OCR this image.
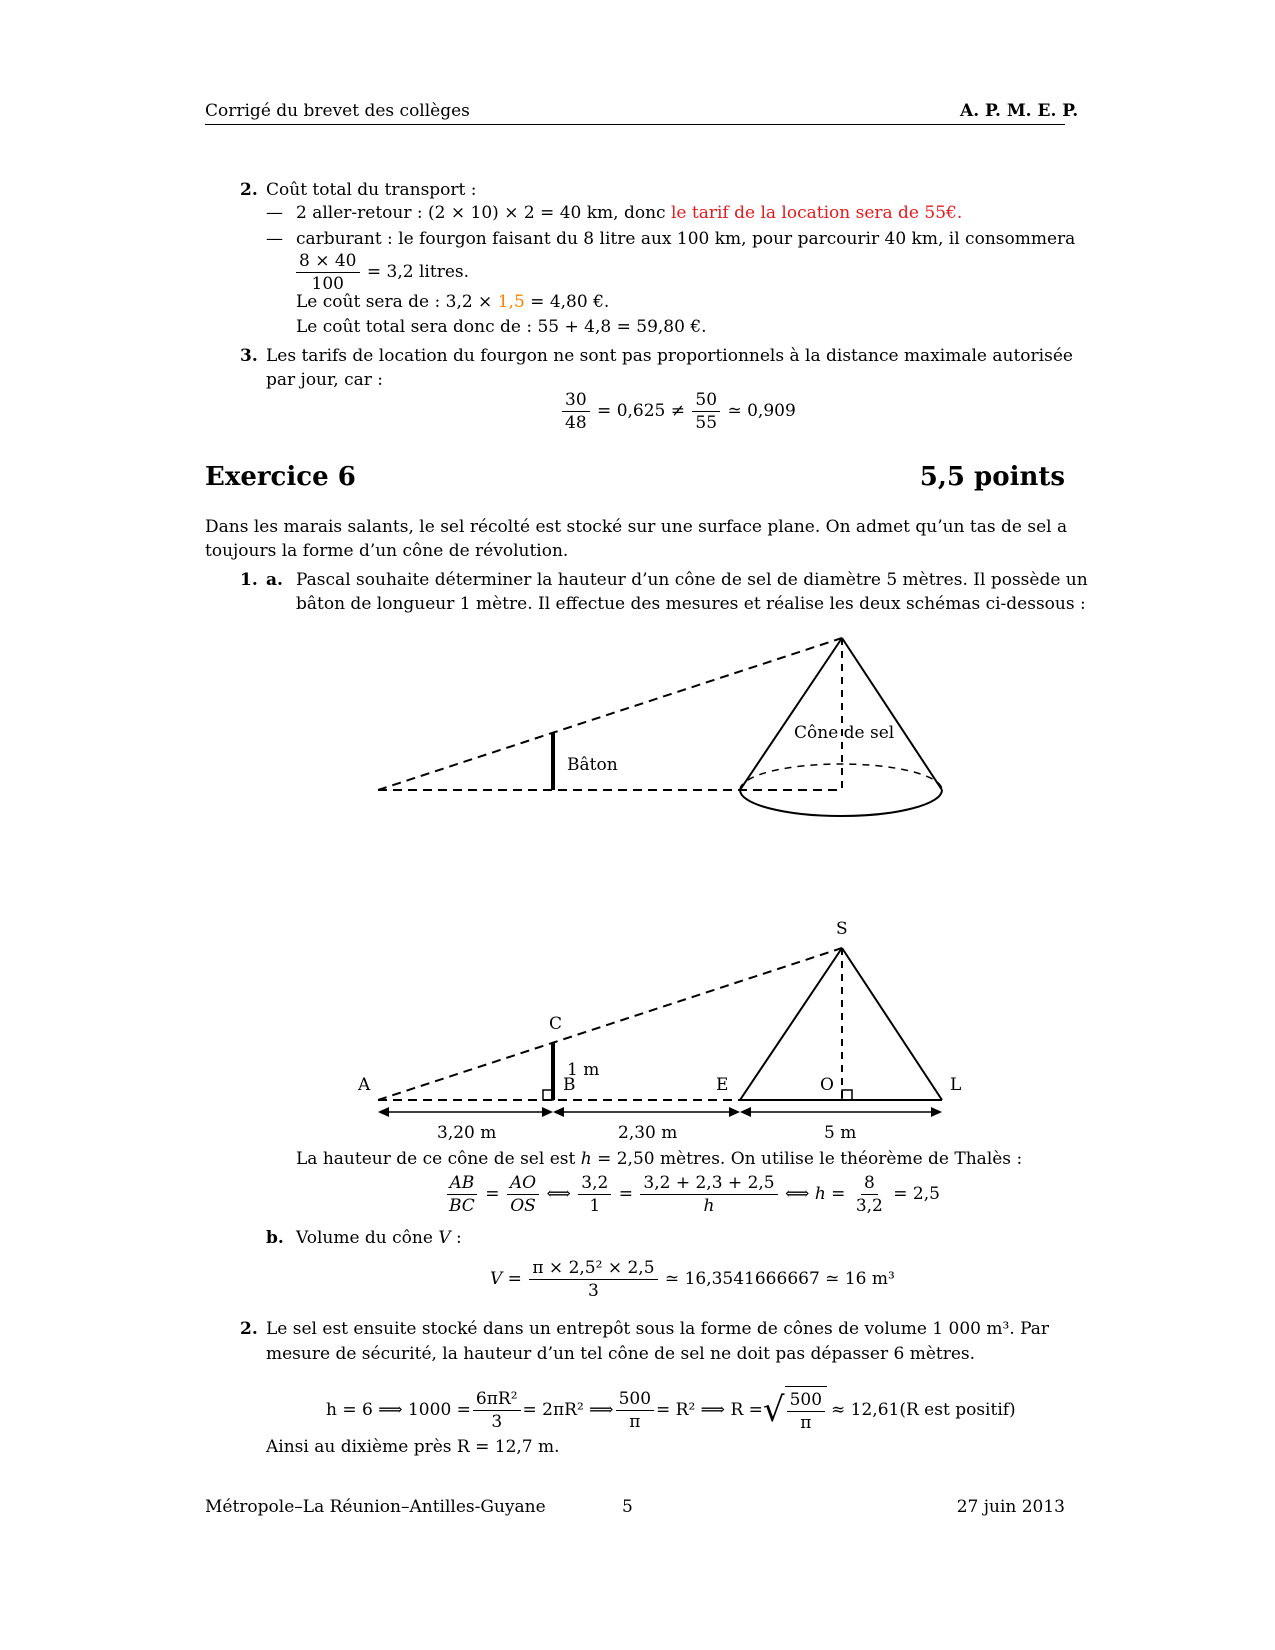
Corrigé du brevet des collèges	A. P. M. E. P.
2. Coût total du transport :
— 2 aller-retour : (2 × 10) × 2 = 40 km, donc le tarif de la location sera de 55€.
— carburant : le fourgon faisant du 8 litre aux 100 km, pour parcourir 40 km, il consommera
$\frac{8 \times 40}{100} = 3,2$ litres.
Le coût sera de : 3,2 × 1,5 = 4,80 €.
Le coût total sera donc de : 55 + 4,8 = 59,80 €.
3. Les tarifs de location du fourgon ne sont pas proportionnels à la distance maximale autorisée
par jour, car :
$\frac{30}{48} = 0,625 \ne \frac{50}{55}$ ≃ 0,909
Exercice 6	5,5 points
Dans les marais salants, le sel récolté est stocké sur une surface plane. On admet qu’un tas de sel a
toujours la forme d’un cône de révolution.
1. a. Pascal souhaite déterminer la hauteur d’un cône de sel de diamètre 5 mètres. Il possède un
bâton de longueur 1 mètre. Il effectue des mesures et réalise les deux schémas ci-dessous :
Bâton
Cône de sel
S
C
1 m
A	B	E	O	L
3,20 m	2,30 m	5 m
La hauteur de ce cône de sel est h = 2,50 mètres. On utilise le théorème de Thalès :
$\frac{AB}{BC} = \frac{AO}{OS}$ ⟺ $\frac{3,2}{1} = \frac{3,2 + 2,3 + 2,5}{h}$ ⟺ $h = \frac{8}{3,2} = 2,5$
b. Volume du cône V :
$V = \frac{\text{π × 2,5² × 2,5}}{3}$ ≃ 16,3541666667 ≃ 16 m³
2. Le sel est ensuite stocké dans un entrepôt sous la forme de cônes de volume 1 000 m³. Par
mesure de sécurité, la hauteur d’un tel cône de sel ne doit pas dépasser 6 mètres.
h = 6 ⟹ $1000 = \frac{\text{6πR²}}{3} = 2\pi R^2$ ⟹ $\frac{500}{\pi} = R^2$ ⟹ R = √ $\frac{500}{\pi} \approx 12,61(R$ est positif)
Ainsi au dixième près R = 12,7 m.
Métropole–La Réunion–Antilles-Guyane	5	27 juin 2013
